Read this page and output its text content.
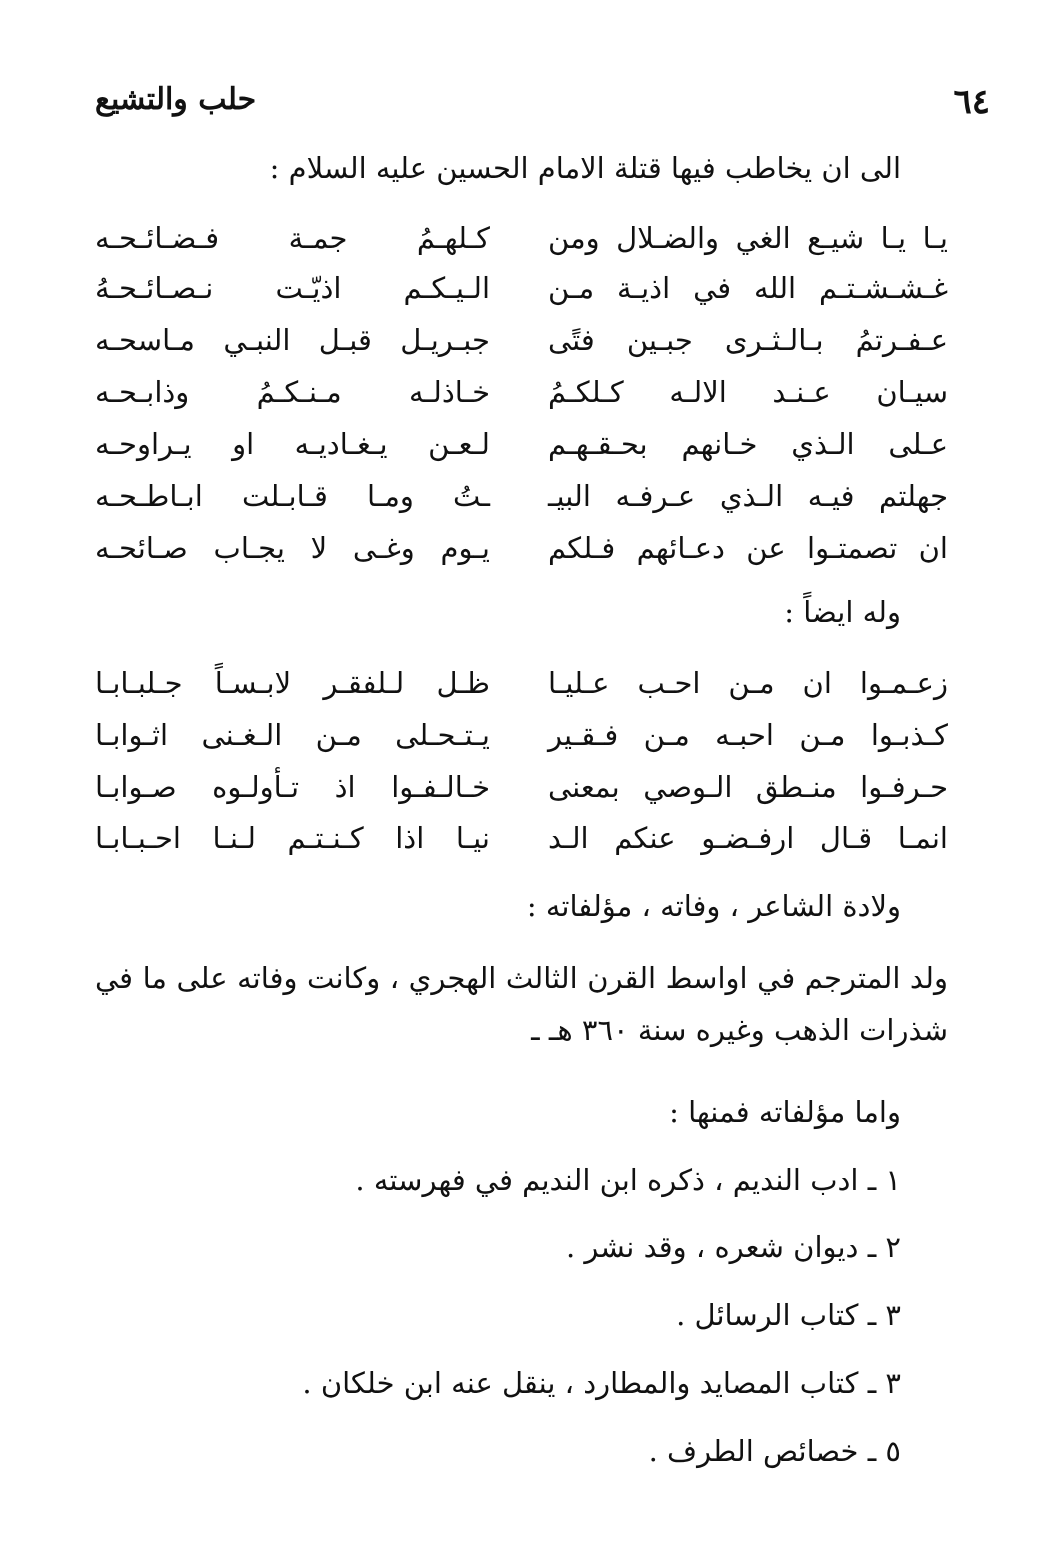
٦٤
حلب والتشيع
الى ان يخاطب فيها قتلة الامام الحسين عليه السلام :
يـا يـا شيـع الغي والضـلال ومن
كـلهـمُ جمـة فـضـائـحـه
غـشـشـتـم الله في اذيـة مـن
الـيـكـم اذيّـت نـصـائـحـهُ
عـفـرتمُ بـالـثـرى جبـين فتًى
جبـريـل قبـل النبـي مـاسحـه
سيـان عـنـد الالـه كـلكـمُ
خـاذلـه مـنـكـمُ وذابـحـه
عـلى الـذي خـانهم بحـقـهـم
لـعـن يـغـاديـه او يـراوحـه
جهلتم فيـه الـذي عـرفـه البيـ
ـتُ ومـا قـابـلت ابـاطـحـه
ان تصمتـوا عن دعـائهم فـلكم
يـوم وغـى لا يجـاب صـائحـه
وله ايضاً :
زعـمـوا ان مـن احـب عـليـا
ظـل لـلفقـر لابـسـاً جـلبـابـا
كـذبـوا مـن احبـه مـن فـقـير
يـتـحـلى مـن الـغـنى اثـوابـا
حـرفـوا منـطق الـوصي بمعنى
خـالـفـوا اذ تـأولـوه صـوابـا
انمـا قـال ارفـضـو عنكم الـد
نيـا اذا كـنـتـم لـنـا احـبـابـا
ولادة الشاعر ، وفاته ، مؤلفاته :
ولد المترجم في اواسط القرن الثالث الهجري ، وكانت وفاته على ما في شذرات الذهب وغيره سنة ٣٦٠ هـ ـ
واما مؤلفاته فمنها :
١ ـ ادب النديم ، ذكره ابن النديم في فهرسته .
٢ ـ ديوان شعره ، وقد نشر .
٣ ـ كتاب الرسائل .
٣ ـ كتاب المصايد والمطارد ، ينقل عنه ابن خلكان .
٥ ـ خصائص الطرف .
